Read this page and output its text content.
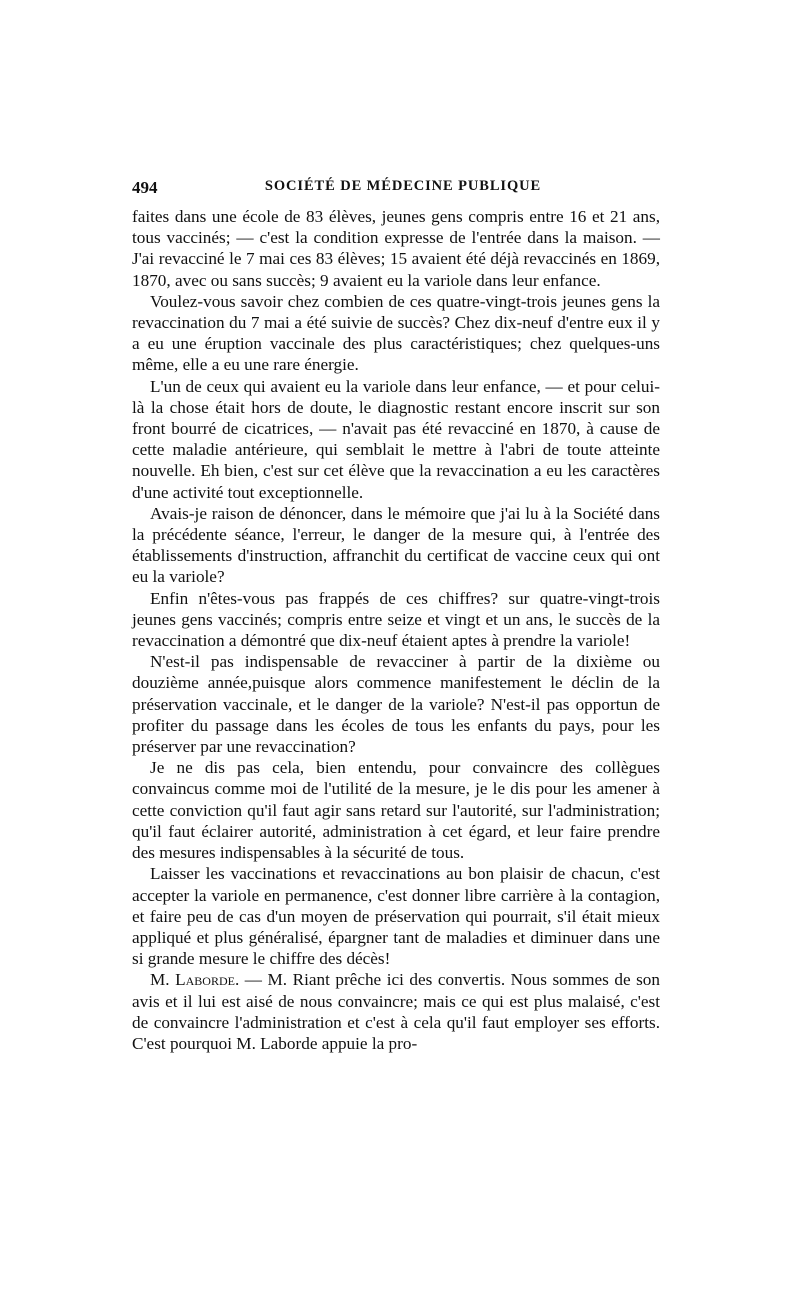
494	SOCIÉTÉ DE MÉDECINE PUBLIQUE

faites dans une école de 83 élèves, jeunes gens compris entre 16 et 21 ans, tous vaccinés; — c'est la condition expresse de l'entrée dans la maison. — J'ai revacciné le 7 mai ces 83 élèves; 15 avaient été déjà revaccinés en 1869, 1870, avec ou sans succès; 9 avaient eu la variole dans leur enfance.

Voulez-vous savoir chez combien de ces quatre-vingt-trois jeunes gens la revaccination du 7 mai a été suivie de succès? Chez dix-neuf d'entre eux il y a eu une éruption vaccinale des plus caractéristiques; chez quelques-uns même, elle a eu une rare énergie.

L'un de ceux qui avaient eu la variole dans leur enfance, — et pour celui-là la chose était hors de doute, le diagnostic restant encore inscrit sur son front bourré de cicatrices, — n'avait pas été revacciné en 1870, à cause de cette maladie antérieure, qui semblait le mettre à l'abri de toute atteinte nouvelle. Eh bien, c'est sur cet élève que la revaccination a eu les caractères d'une activité tout exceptionnelle.

Avais-je raison de dénoncer, dans le mémoire que j'ai lu à la Société dans la précédente séance, l'erreur, le danger de la mesure qui, à l'entrée des établissements d'instruction, affranchit du certificat de vaccine ceux qui ont eu la variole?

Enfin n'êtes-vous pas frappés de ces chiffres? sur quatre-vingt-trois jeunes gens vaccinés; compris entre seize et vingt et un ans, le succès de la revaccination a démontré que dix-neuf étaient aptes à prendre la variole!

N'est-il pas indispensable de revacciner à partir de la dixième ou douzième année,puisque alors commence manifestement le déclin de la préservation vaccinale, et le danger de la variole? N'est-il pas opportun de profiter du passage dans les écoles de tous les enfants du pays, pour les préserver par une revaccination?

Je ne dis pas cela, bien entendu, pour convaincre des collègues convaincus comme moi de l'utilité de la mesure, je le dis pour les amener à cette conviction qu'il faut agir sans retard sur l'autorité, sur l'administration; qu'il faut éclairer autorité, administration à cet égard, et leur faire prendre des mesures indispensables à la sécurité de tous.

Laisser les vaccinations et revaccinations au bon plaisir de chacun, c'est accepter la variole en permanence, c'est donner libre carrière à la contagion, et faire peu de cas d'un moyen de préservation qui pourrait, s'il était mieux appliqué et plus généralisé, épargner tant de maladies et diminuer dans une si grande mesure le chiffre des décès!

M. Laborde. — M. Riant prêche ici des convertis. Nous sommes de son avis et il lui est aisé de nous convaincre; mais ce qui est plus malaisé, c'est de convaincre l'administration et c'est à cela qu'il faut employer ses efforts. C'est pourquoi M. Laborde appuie la pro-
